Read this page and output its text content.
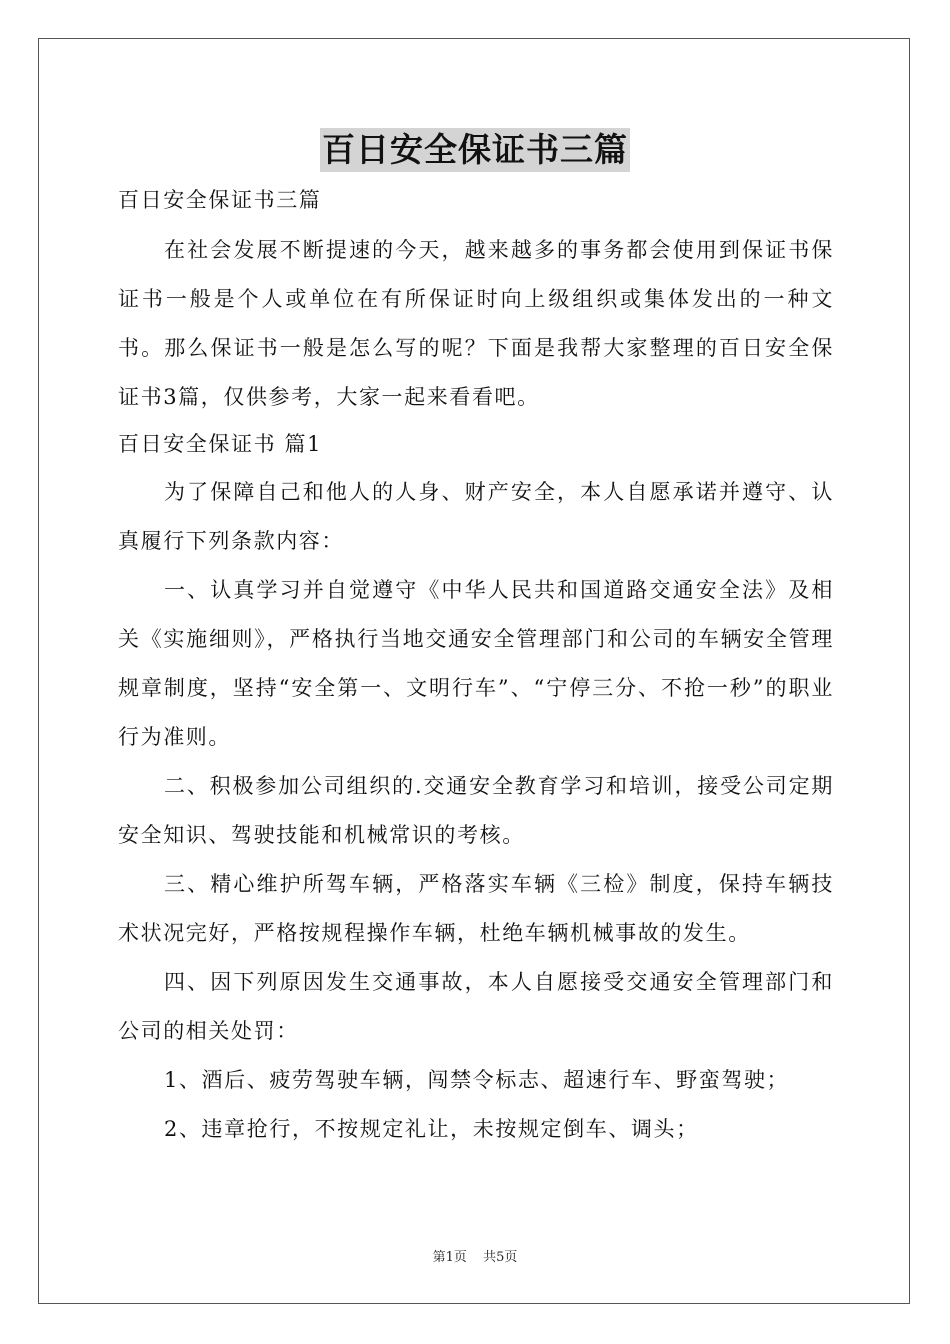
百日安全保证书三篇

百日安全保证书三篇

在社会发展不断提速的今天，越来越多的事务都会使用到保证书保证书一般是个人或单位在有所保证时向上级组织或集体发出的一种文书。那么保证书一般是怎么写的呢？下面是我帮大家整理的百日安全保证书3篇，仅供参考，大家一起来看看吧。

百日安全保证书 篇1

为了保障自己和他人的人身、财产安全，本人自愿承诺并遵守、认真履行下列条款内容：

一、认真学习并自觉遵守《中华人民共和国道路交通安全法》及相关《实施细则》，严格执行当地交通安全管理部门和公司的车辆安全管理规章制度，坚持“安全第一、文明行车”、“宁停三分、不抢一秒”的职业行为准则。

二、积极参加公司组织的.交通安全教育学习和培训，接受公司定期安全知识、驾驶技能和机械常识的考核。

三、精心维护所驾车辆，严格落实车辆《三检》制度，保持车辆技术状况完好，严格按规程操作车辆，杜绝车辆机械事故的发生。

四、因下列原因发生交通事故，本人自愿接受交通安全管理部门和公司的相关处罚：

1、酒后、疲劳驾驶车辆，闯禁令标志、超速行车、野蛮驾驶；

2、违章抢行，不按规定礼让，未按规定倒车、调头；

第1页 共5页
